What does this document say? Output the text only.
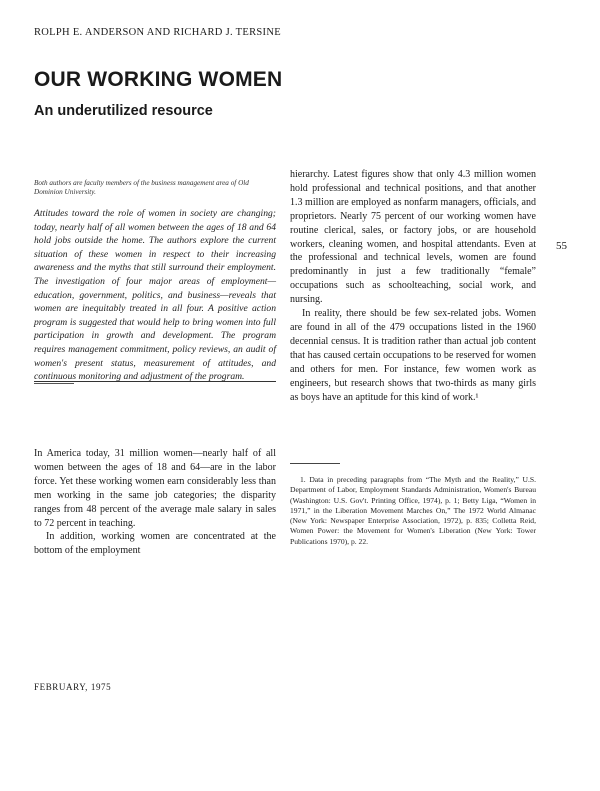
ROLPH E. ANDERSON AND RICHARD J. TERSINE
OUR WORKING WOMEN
An underutilized resource
Both authors are faculty members of the business management area of Old Dominion University.
Attitudes toward the role of women in society are changing; today, nearly half of all women between the ages of 18 and 64 hold jobs outside the home. The authors explore the current situation of these women in respect to their increasing awareness and the myths that still surround their employment. The investigation of four major areas of employment—education, government, politics, and business—reveals that women are inequitably treated in all four. A positive action program is suggested that would help to bring women into full participation in growth and development. The program requires management commitment, policy reviews, an audit of women's present status, measurement of attitudes, and continuous monitoring and adjustment of the program.

In America today, 31 million women—nearly half of all women between the ages of 18 and 64—are in the labor force. Yet these working women earn considerably less than men working in the same job categories; the disparity ranges from 48 percent of the average male salary in sales to 72 percent in teaching.

In addition, working women are concentrated at the bottom of the employment

FEBRUARY, 1975

hierarchy. Latest figures show that only 4.3 million women hold professional and technical positions, and that another 1.3 million are employed as nonfarm managers, officials, and proprietors. Nearly 75 percent of our working women have routine clerical, sales, or factory jobs, or are household workers, cleaning women, and hospital attendants. Even at the professional and technical levels, women are found predominantly in just a few traditionally “female” occupations such as schoolteaching, social work, and nursing.

In reality, there should be few sex-related jobs. Women are found in all of the 479 occupations listed in the 1960 decennial census. It is tradition rather than actual job content that has caused certain occupations to be reserved for women and others for men. For instance, few women work as engineers, but research shows that two-thirds as many girls as boys have an aptitude for this kind of work.¹

55
1. Data in preceding paragraphs from “The Myth and the Reality,” U.S. Department of Labor, Employment Standards Administration, Women's Bureau (Washington: U.S. Gov't. Printing Office, 1974), p. 1; Betty Liga, “Women in 1971,” in the Liberation Movement Marches On,” The 1972 World Almanac (New York: Newspaper Enterprise Association, 1972), p. 835; Colletta Reid, Women Power: the Movement for Women's Liberation (New York: Tower Publications 1970), p. 22.
